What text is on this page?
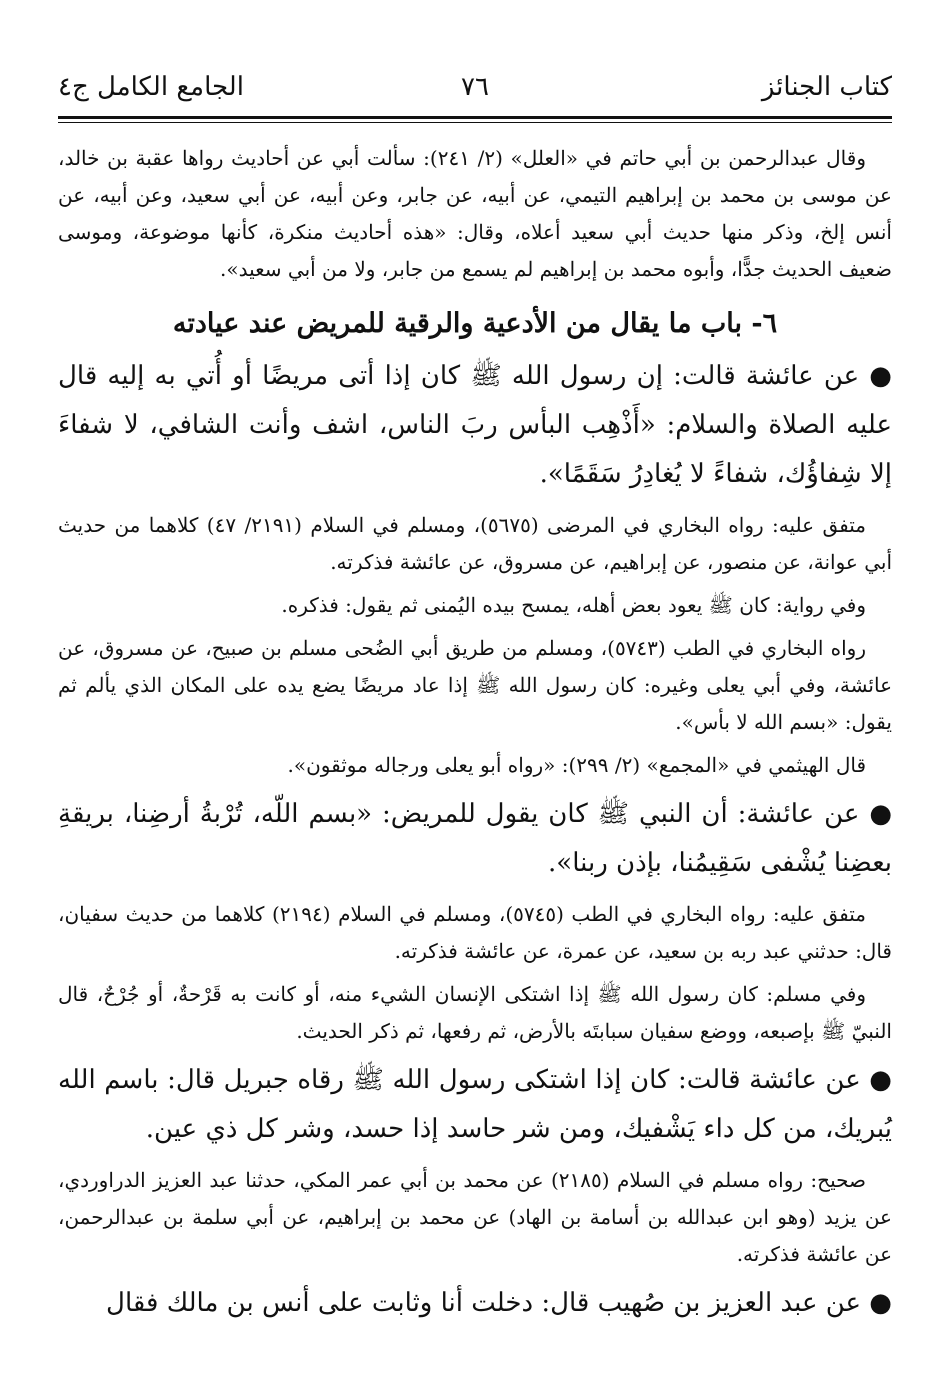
كتاب الجنائز
٧٦
الجامع الكامل ج٤

وقال عبدالرحمن بن أبي حاتم في «العلل» (٢/ ٢٤١): سألت أبي عن أحاديث رواها عقبة بن خالد، عن موسى بن محمد بن إبراهيم التيمي، عن أبيه، عن جابر، وعن أبيه، عن أبي سعيد، وعن أبيه، عن أنس إلخ، وذكر منها حديث أبي سعيد أعلاه، وقال: «هذه أحاديث منكرة، كأنها موضوعة، وموسى ضعيف الحديث جدًّا، وأبوه محمد بن إبراهيم لم يسمع من جابر، ولا من أبي سعيد».

٦- باب ما يقال من الأدعية والرقية للمريض عند عيادته

● عن عائشة قالت: إن رسول الله ﷺ كان إذا أتى مريضًا أو أُتي به إليه قال عليه الصلاة والسلام: «أَذْهِب البأس ربَ الناس، اشف وأنت الشافي، لا شفاءَ إلا شِفاؤُك، شفاءً لا يُغادِرُ سَقَمًا».

متفق عليه: رواه البخاري في المرضى (٥٦٧٥)، ومسلم في السلام (٢١٩١/ ٤٧) كلاهما من حديث أبي عوانة، عن منصور، عن إبراهيم، عن مسروق، عن عائشة فذكرته.

وفي رواية: كان ﷺ يعود بعض أهله، يمسح بيده اليُمنى ثم يقول: فذكره.

رواه البخاري في الطب (٥٧٤٣)، ومسلم من طريق أبي الضُحى مسلم بن صبيح، عن مسروق، عن عائشة، وفي أبي يعلى وغيره: كان رسول الله ﷺ إذا عاد مريضًا يضع يده على المكان الذي يألم ثم يقول: «بسم الله لا بأس».

قال الهيثمي في «المجمع» (٢/ ٢٩٩): «رواه أبو يعلى ورجاله موثقون».

● عن عائشة: أن النبي ﷺ كان يقول للمريض: «بسم اللّه، تُرْبةُ أرضِنا، بريقةِ بعضِنا يُشْفى سَقِيمُنا، بإذن ربنا».

متفق عليه: رواه البخاري في الطب (٥٧٤٥)، ومسلم في السلام (٢١٩٤) كلاهما من حديث سفيان، قال: حدثني عبد ربه بن سعيد، عن عمرة، عن عائشة فذكرته.

وفي مسلم: كان رسول الله ﷺ إذا اشتكى الإنسان الشيء منه، أو كانت به قَرْحةٌ، أو جُرْحٌ، قال النبيّ ﷺ بإصبعه، ووضع سفيان سبابتَه بالأرض، ثم رفعها، ثم ذكر الحديث.

● عن عائشة قالت: كان إذا اشتكى رسول الله ﷺ رقاه جبريل قال: باسم الله يُبريك، من كل داء يَشْفيك، ومن شر حاسد إذا حسد، وشر كل ذي عين.

صحيح: رواه مسلم في السلام (٢١٨٥) عن محمد بن أبي عمر المكي، حدثنا عبد العزيز الدراوردي، عن يزيد (وهو ابن عبدالله بن أسامة بن الهاد) عن محمد بن إبراهيم، عن أبي سلمة بن عبدالرحمن، عن عائشة فذكرته.

● عن عبد العزيز بن صُهيب قال: دخلت أنا وثابت على أنس بن مالك فقال
